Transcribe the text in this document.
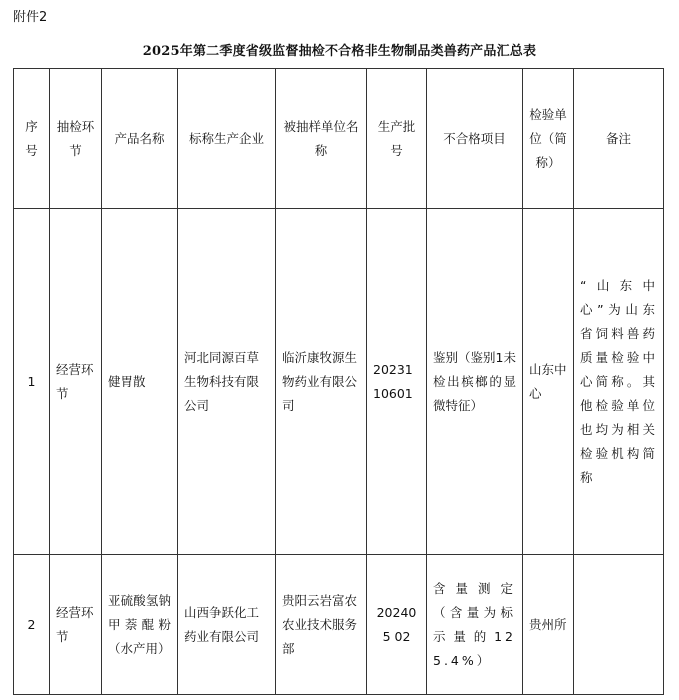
附件2
2025年第二季度省级监督抽检不合格非生物制品类兽药产品汇总表
序号	抽检环节	产品名称	标称生产企业	被抽样单位名称	生产批号	不合格项目	检验单位（简称）	备注
1	经营环节	健胃散	河北同源百草生物科技有限公司	临沂康牧源生物药业有限公司	2023110601	鉴别（鉴别1未检出槟榔的显微特征）	山东中心	“山东中心”为山东省饲料兽药质量检验中心简称。其他检验单位也均为相关检验机构简称
2	经营环节	亚硫酸氢钠甲萘醌粉（水产用）	山西争跃化工药业有限公司	贵阳云岩富农农业技术服务部	202405 02	含量测定（含量为标示量的125.4%）	贵州所	
